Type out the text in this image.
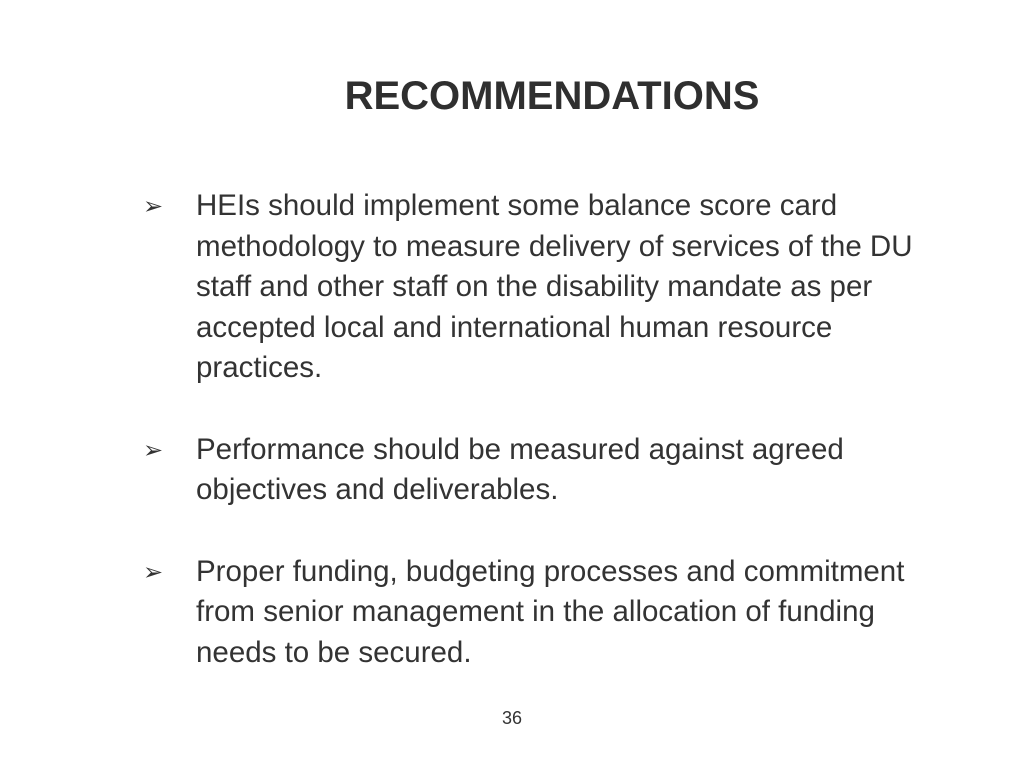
RECOMMENDATIONS
➢	HEIs should implement some balance score card methodology to measure delivery of services of the DU staff and other staff on the disability mandate as per accepted local and international human resource practices.
➢	Performance should be measured against agreed objectives and deliverables.
➢	Proper funding, budgeting processes and commitment from senior management in the allocation of funding needs to be secured.
36
